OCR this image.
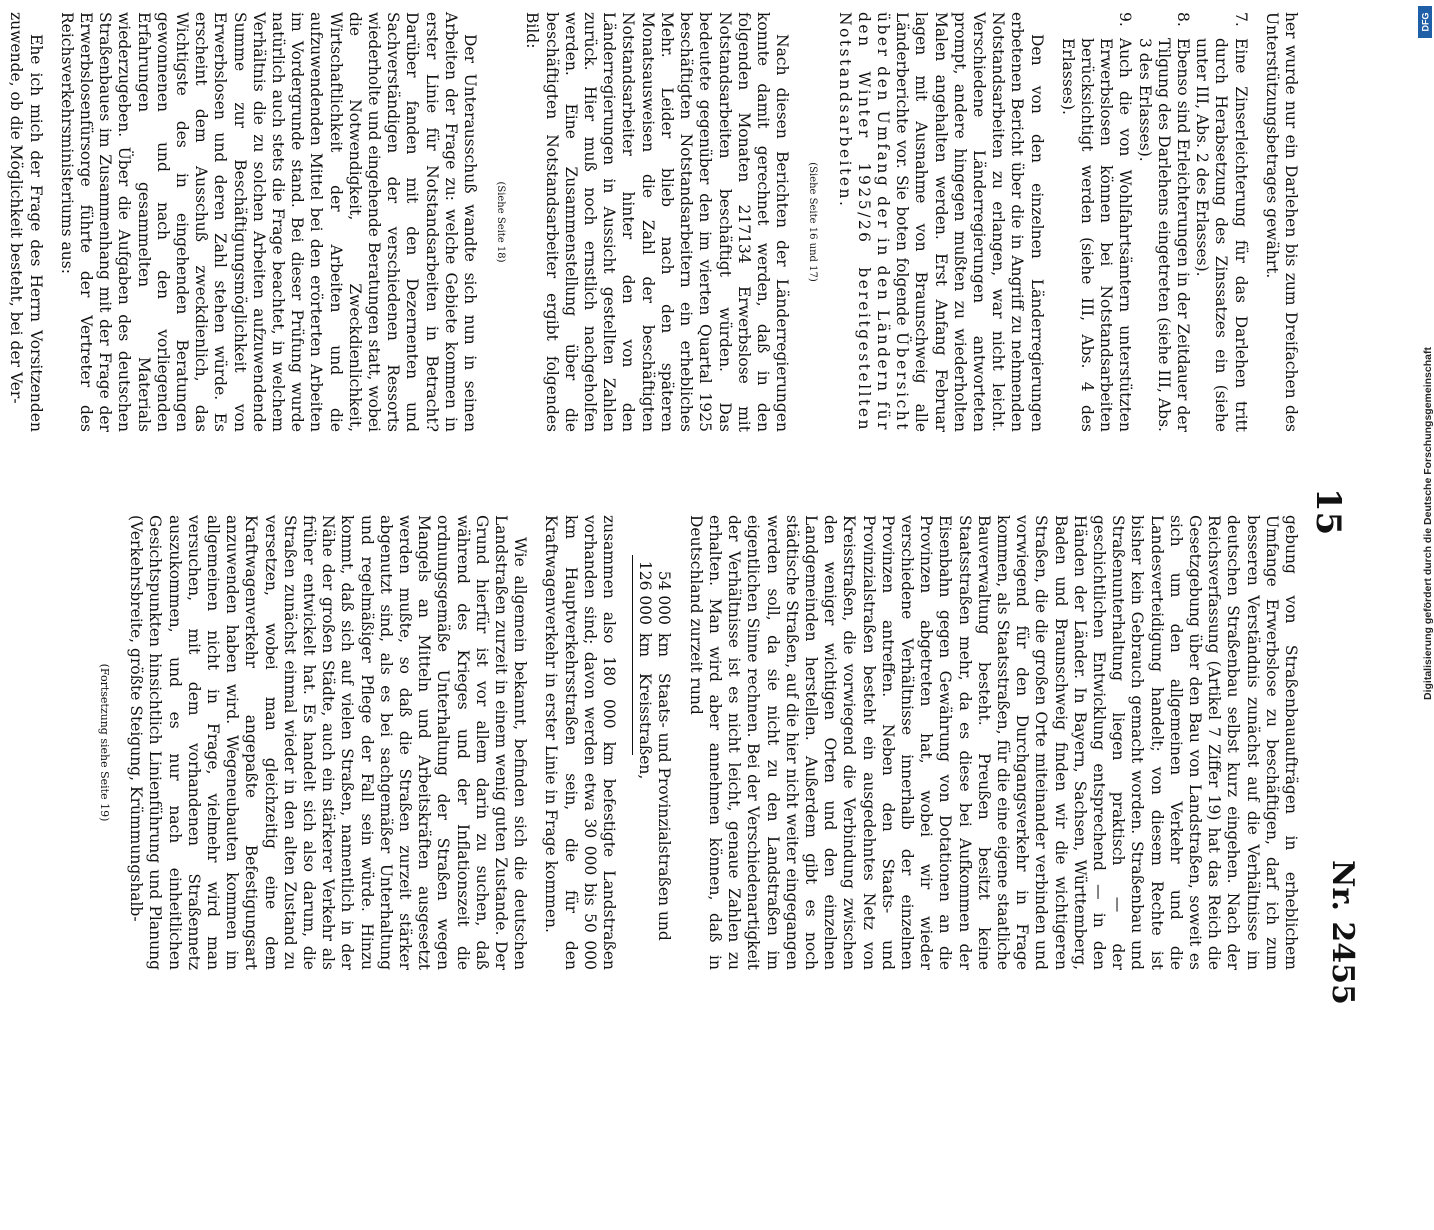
15
Nr. 2455

her wurde nur ein Darlehen bis zum Dreifachen des Unterstützungsbetrages gewährt.

7.
Eine Zinserleichterung für das Darlehen tritt durch Herabsetzung des Zinssatzes ein (siehe unter III, Abs. 2 des Erlasses).
8.
Ebenso sind Erleichterungen in der Zeitdauer der Tilgung des Darlehens eingetreten (siehe III, Abs. 3 des Erlasses).
9.
Auch die von Wohlfahrtsämtern unterstützten Erwerbslosen können bei Notstandsarbeiten berücksichtigt werden (siehe III, Abs. 4 des Erlasses).

Den von den einzelnen Länderregierungen erbetenen Bericht über die in Angriff zu nehmenden Notstandsarbeiten zu erlangen, war nicht leicht. Verschiedene Länderregierungen antworteten prompt, andere hingegen mußten zu wiederholten Malen angehalten werden. Erst Anfang Februar lagen mit Ausnahme von Braunschweig alle Länderberichte vor. Sie boten folgende Übersicht über den Umfang der in den Ländern für den Winter 1925/26 bereitgestellten Notstandsarbeiten.

(Siehe Seite 16 und 17)

Nach diesen Berichten der Länderregierungen konnte damit gerechnet werden, daß in den folgenden Monaten 217134 Erwerbslose mit Notstandsarbeiten beschäftigt würden. Das bedeutete gegenüber den im vierten Quartal 1925 beschäftigten Notstandsarbeitern ein erhebliches Mehr. Leider blieb nach den späteren Monatsausweisen die Zahl der beschäftigten Notstandsarbeiter hinter den von den Länderregierungen in Aussicht gestellten Zahlen zurück. Hier muß noch ernstlich nachgeholfen werden. Eine Zusammenstellung über die beschäftigten Notstandsarbeiter ergibt folgendes Bild:

(Siehe Seite 18)

Der Unterausschuß wandte sich nun in seinen Arbeiten der Frage zu: welche Gebiete kommen in erster Linie für Notstandsarbeiten in Betracht? Darüber fanden mit den Dezernenten und Sachverständigen der verschiedenen Ressorts wiederholte und eingehende Beratungen statt, wobei die Notwendigkeit, Zweckdienlichkeit, Wirtschaftlichkeit der Arbeiten und die aufzuwendenden Mittel bei den erörterten Arbeiten im Vordergrunde stand. Bei dieser Prüfung wurde natürlich auch stets die Frage beachtet, in welchem Verhältnis die zu solchen Arbeiten aufzuwendende Summe zur Beschäftigungsmöglichkeit von Erwerbslosen und deren Zahl stehen würde. Es erscheint dem Ausschuß zweckdienlich, das Wichtigste des in eingehenden Beratungen gewonnenen und nach den vorliegenden Erfahrungen gesammelten Materials wiederzugeben. Über die Aufgaben des deutschen Straßenbaues im Zusammenhang mit der Frage der Erwerbslosenfürsorge führte der Vertreter des Reichsverkehrsministeriums aus:

Ehe ich mich der Frage des Herrn Vorsitzenden zuwende, ob die Möglichkeit besteht, bei der Ver-

gebung von Straßenbauaufträgen in erheblichem Umfange Erwerbslose zu beschäftigen, darf ich zum besseren Verständnis zunächst auf die Verhältnisse im deutschen Straßenbau selbst kurz eingehen. Nach der Reichsverfassung (Artikel 7 Ziffer 19) hat das Reich die Gesetzgebung über den Bau von Landstraßen, soweit es sich um den allgemeinen Verkehr und die Landesverteidigung handelt; von diesem Rechte ist bisher kein Gebrauch gemacht worden. Straßenbau und Straßenunterhaltung liegen praktisch — der geschichtlichen Entwicklung entsprechend — in den Händen der Länder. In Bayern, Sachsen, Württemberg, Baden und Braunschweig finden wir die wichtigeren Straßen, die die großen Orte miteinander verbinden und vorwiegend für den Durchgangsverkehr in Frage kommen, als Staatsstraßen, für die eine eigene staatliche Bauverwaltung besteht. Preußen besitzt keine Staatsstraßen mehr, da es diese bei Aufkommen der Eisenbahn gegen Gewährung von Dotationen an die Provinzen abgetreten hat, wobei wir wieder verschiedene Verhältnisse innerhalb der einzelnen Provinzen antreffen. Neben den Staats- und Provinzialstraßen besteht ein ausgedehntes Netz von Kreisstraßen, die vorwiegend die Verbindung zwischen den weniger wichtigen Orten und den einzelnen Landgemeinden herstellen. Außerdem gibt es noch städtische Straßen, auf die hier nicht weiter eingegangen werden soll, da sie nicht zu den Landstraßen im eigentlichen Sinne rechnen. Bei der Verschiedenartigkeit der Verhältnisse ist es nicht leicht, genaue Zahlen zu erhalten. Man wird aber annehmen können, daß in Deutschland zurzeit rund

54 000
km
Staats- und Provinzialstraßen und
126 000
km
Kreisstraßen,

zusammen also 180 000 km befestigte Landstraßen vorhanden sind; davon werden etwa 30 000 bis 50 000 km Hauptverkehrsstraßen sein, die für den Kraftwagenverkehr in erster Linie in Frage kommen.

Wie allgemein bekannt, befinden sich die deutschen Landstraßen zurzeit in einem wenig guten Zustande. Der Grund hierfür ist vor allem darin zu suchen, daß während des Krieges und der Inflationszeit die ordnungsgemäße Unterhaltung der Straßen wegen Mangels an Mitteln und Arbeitskräften ausgesetzt werden mußte, so daß die Straßen zurzeit stärker abgenutzt sind, als es bei sachgemäßer Unterhaltung und regelmäßiger Pflege der Fall sein würde. Hinzu kommt, daß sich auf vielen Straßen, namentlich in der Nähe der großen Städte, auch ein stärkerer Verkehr als früher entwickelt hat. Es handelt sich also darum, die Straßen zunächst einmal wieder in den alten Zustand zu versetzen, wobei man gleichzeitig eine dem Kraftwagenverkehr angepaßte Befestigungsart anzuwenden haben wird. Wegeneubauten kommen im allgemeinen nicht in Frage, vielmehr wird man versuchen, mit dem vorhandenen Straßennetz auszukommen, und es nur nach einheitlichen Gesichtspunkten hinsichtlich Linienführung und Planung (Verkehrsbreite, größte Steigung, Krümmungshalb-

(Fortsetzung siehe Seite 19)
DFG
Digitalisierung gefördert durch die Deutsche Forschungsgemeinschaft
